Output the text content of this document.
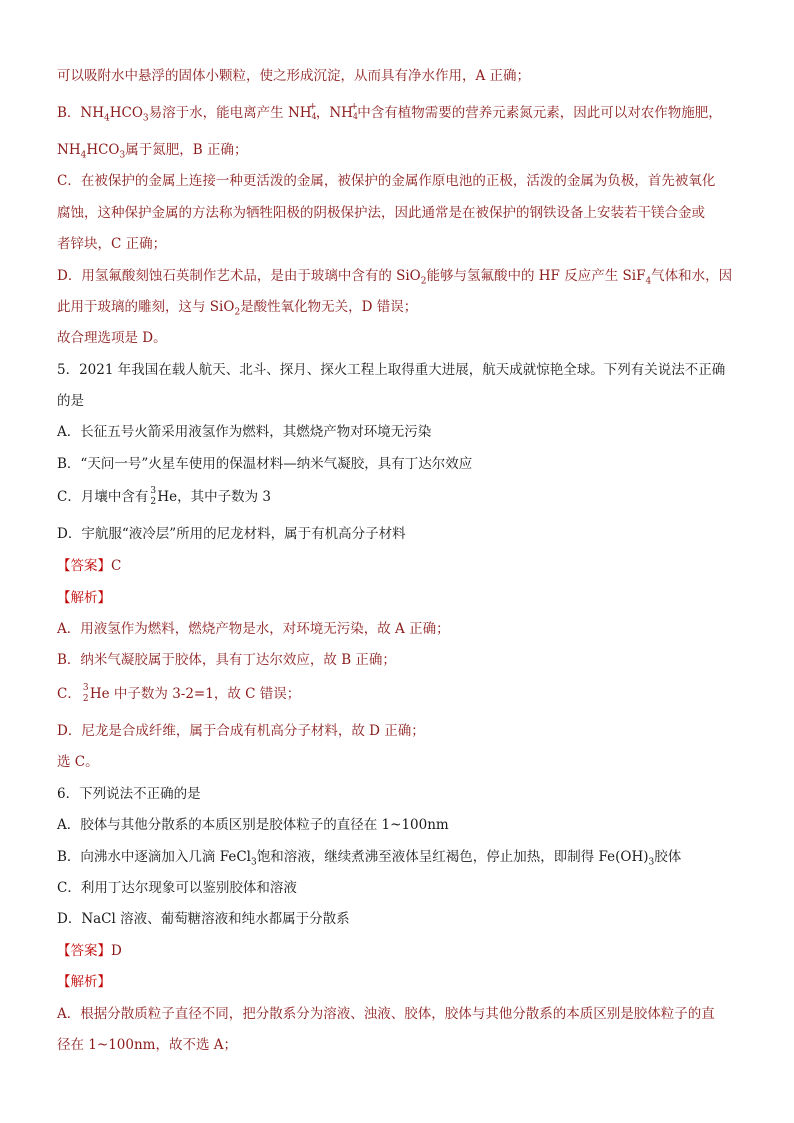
可以吸附水中悬浮的固体小颗粒，使之形成沉淀，从而具有净水作用，A 正确；
B．$NH_4HCO_3$易溶于水，能电离产生 NH
+
4 ，NH
+
4 中含有植物需要的营养元素氮元素，因此可以对农作物施肥，
$NH_4HCO_3$属于氮肥，B 正确；
C．在被保护的金属上连接一种更活泼的金属，被保护的金属作原电池的正极，活泼的金属为负极，首先被氧化
腐蚀，这种保护金属的方法称为牺牲阳极的阴极保护法，因此通常是在被保护的钢铁设备上安装若干镁合金或
者锌块，C 正确；
D．用氢氟酸刻蚀石英制作艺术品，是由于玻璃中含有的 SiO$_2$能够与氢氟酸中的 HF 反应产生 SiF$_4$气体和水，因
此用于玻璃的雕刻，这与 SiO$_2$是酸性氧化物无关，D 错误；
故合理选项是 D。
5．2021 年我国在载人航天、北斗、探月、探火工程上取得重大进展，航天成就惊艳全球。下列有关说法不正确
的是
A．长征五号火箭采用液氢作为燃料，其燃烧产物对环境无污染
B．“天问一号”火星车使用的保温材料—纳米气凝胶，具有丁达尔效应
C．月壤中含有 3
2 He，其中子数为 3
D．宇航服“液冷层”所用的尼龙材料，属于有机高分子材料
【答案】C
【解析】
A．用液氢作为燃料，燃烧产物是水，对环境无污染，故 A 正确；
B．纳米气凝胶属于胶体，具有丁达尔效应，故 B 正确；
C． 3
2 He 中子数为 3-2=1，故 C 错误；
D．尼龙是合成纤维，属于合成有机高分子材料，故 D 正确；
选 C。
6．下列说法不正确的是
A．胶体与其他分散系的本质区别是胶体粒子的直径在 1~100nm
B．向沸水中逐滴加入几滴 FeCl$_3$饱和溶液，继续煮沸至液体呈红褐色，停止加热，即制得 $Fe(OH)_3$胶体
C．利用丁达尔现象可以鉴别胶体和溶液
D．NaCl 溶液、葡萄糖溶液和纯水都属于分散系
【答案】D
【解析】
A．根据分散质粒子直径不同，把分散系分为溶液、浊液、胶体，胶体与其他分散系的本质区别是胶体粒子的直
径在 1~100nm，故不选 A；
